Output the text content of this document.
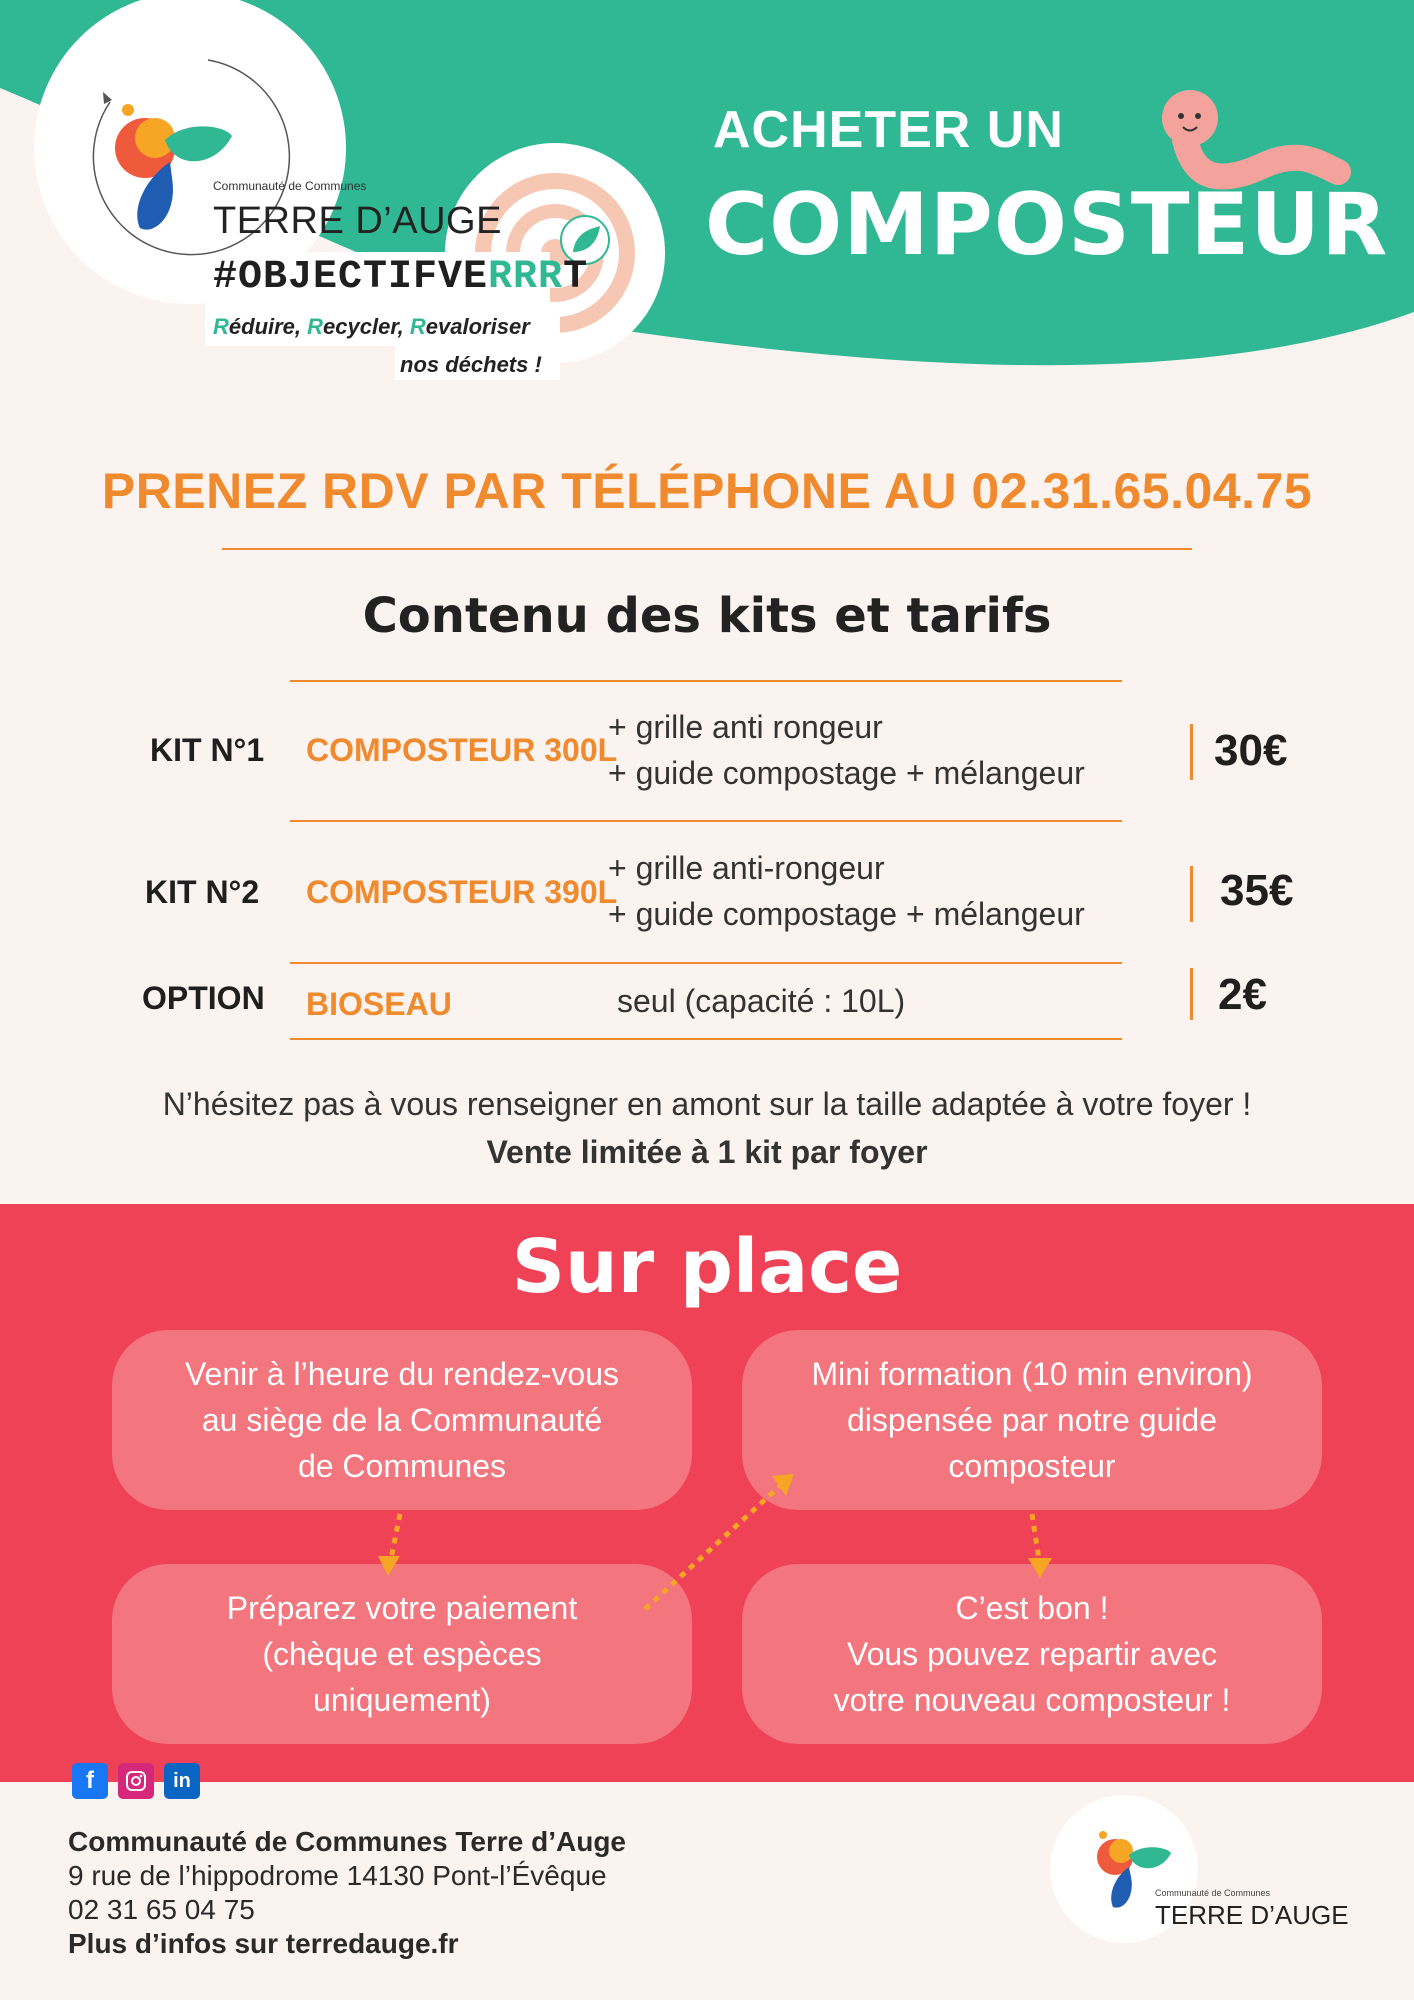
Communauté de Communes
TERRE D’AUGE
#OBJECTIFVERRRT
Réduire, Recycler, Revaloriser
nos déchets !
ACHETER UN
COMPOSTEUR
PRENEZ RDV PAR TÉLÉPHONE AU 02.31.65.04.75
Contenu des kits et tarifs
KIT N°1 COMPOSTEUR 300L
+ grille anti rongeur
+ guide compostage + mélangeur	30€
KIT N°2 COMPOSTEUR 390L
+ grille anti-rongeur
+ guide compostage + mélangeur	35€
OPTION BIOSEAU	seul (capacité : 10L)	2€
N’hésitez pas à vous renseigner en amont sur la taille adaptée à votre foyer !
Vente limitée à 1 kit par foyer
Sur place
Venir à l’heure du rendez-vous
au siège de la Communauté
de Communes
Préparez votre paiement
(chèque et espèces
uniquement)
Mini formation (10 min environ)
dispensée par notre guide
composteur
C’est bon !
Vous pouvez repartir avec
votre nouveau composteur !
f	in
Communauté de Communes Terre d’Auge
9 rue de l’hippodrome 14130 Pont-l’Évêque
02 31 65 04 75
Plus d’infos sur terredauge.fr
Communauté de Communes
TERRE D’AUGE
